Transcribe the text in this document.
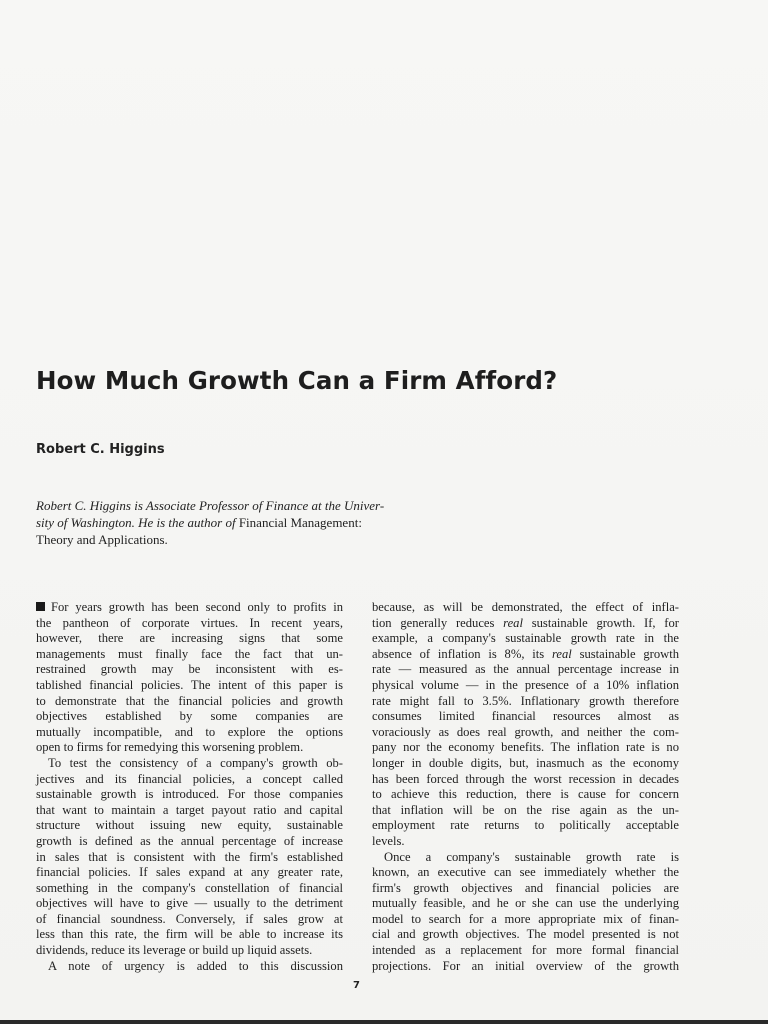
How Much Growth Can a Firm Afford?
Robert C. Higgins
Robert C. Higgins is Associate Professor of Finance at the Univer-
sity of Washington. He is the author of Financial Management:
Theory and Applications.
For years growth has been second only to profits in
the pantheon of corporate virtues. In recent years,
however, there are increasing signs that some
managements must finally face the fact that un-
restrained growth may be inconsistent with es-
tablished financial policies. The intent of this paper is
to demonstrate that the financial policies and growth
objectives established by some companies are
mutually incompatible, and to explore the options
open to firms for remedying this worsening problem.
To test the consistency of a company's growth ob-
jectives and its financial policies, a concept called
sustainable growth is introduced. For those companies
that want to maintain a target payout ratio and capital
structure without issuing new equity, sustainable
growth is defined as the annual percentage of increase
in sales that is consistent with the firm's established
financial policies. If sales expand at any greater rate,
something in the company's constellation of financial
objectives will have to give — usually to the detriment
of financial soundness. Conversely, if sales grow at
less than this rate, the firm will be able to increase its
dividends, reduce its leverage or build up liquid assets.
A note of urgency is added to this discussion
because, as will be demonstrated, the effect of infla-
tion generally reduces real sustainable growth. If, for
example, a company's sustainable growth rate in the
absence of inflation is 8%, its real sustainable growth
rate — measured as the annual percentage increase in
physical volume — in the presence of a 10% inflation
rate might fall to 3.5%. Inflationary growth therefore
consumes limited financial resources almost as
voraciously as does real growth, and neither the com-
pany nor the economy benefits. The inflation rate is no
longer in double digits, but, inasmuch as the economy
has been forced through the worst recession in decades
to achieve this reduction, there is cause for concern
that inflation will be on the rise again as the un-
employment rate returns to politically acceptable
levels.
Once a company's sustainable growth rate is
known, an executive can see immediately whether the
firm's growth objectives and financial policies are
mutually feasible, and he or she can use the underlying
model to search for a more appropriate mix of finan-
cial and growth objectives. The model presented is not
intended as a replacement for more formal financial
projections. For an initial overview of the growth
7
